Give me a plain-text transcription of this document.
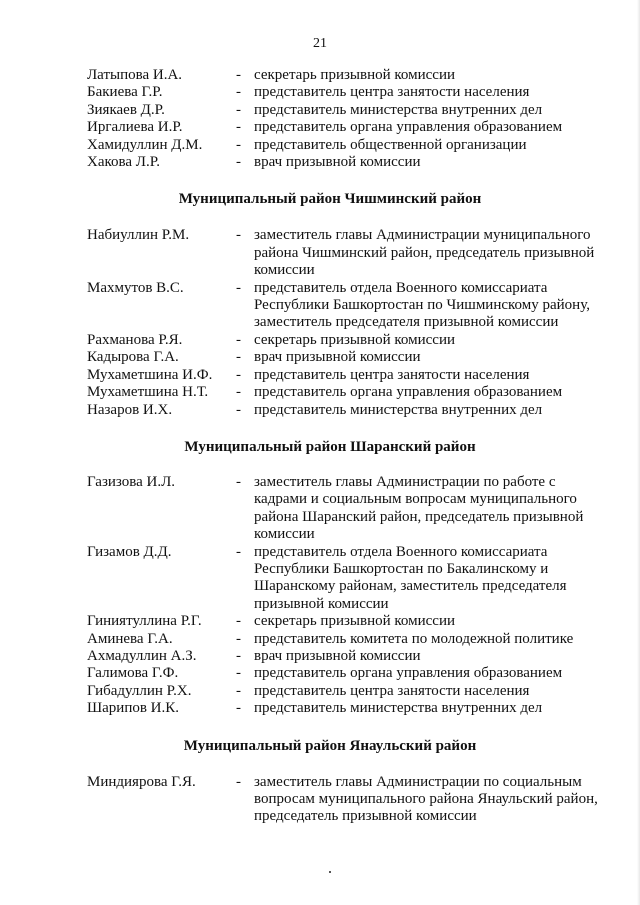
21
Латыпова И.А.	- секретарь призывной комиссии
Бакиева Г.Р.	- представитель центра занятости населения
Зиякаев Д.Р.	- представитель министерства внутренних дел
Иргалиева И.Р.	- представитель органа управления образованием
Хамидуллин Д.М. - представитель общественной организации
Хакова Л.Р.	- врач призывной комиссии
Муниципальный район Чишминский район
Набиуллин Р.М.	- заместитель главы Администрации муниципального района Чишминский район, председатель призывной комиссии
Махмутов В.С.	- представитель отдела Военного комиссариата Республики Башкортостан по Чишминскому району, заместитель председателя призывной комиссии
Рахманова Р.Я.	- секретарь призывной комиссии
Кадырова Г.А.	- врач призывной комиссии
Мухаметшина И.Ф. - представитель центра занятости населения
Мухаметшина Н.Т. - представитель органа управления образованием
Назаров И.Х.	- представитель министерства внутренних дел
Муниципальный район Шаранский район
Газизова И.Л.	- заместитель главы Администрации по работе с кадрами и социальным вопросам муниципального района Шаранский район, председатель призывной комиссии
Гизамов Д.Д.	- представитель отдела Военного комиссариата Республики Башкортостан по Бакалинскому и Шаранскому районам, заместитель председателя призывной комиссии
Гиниятуллина Р.Г. - секретарь призывной комиссии
Аминева Г.А.	- представитель комитета по молодежной политике
Ахмадуллин А.З.	- врач призывной комиссии
Галимова Г.Ф.	- представитель органа управления образованием
Гибадуллин Р.Х.	- представитель центра занятости населения
Шарипов И.К.	- представитель министерства внутренних дел
Муниципальный район Янаульский район
Миндиярова Г.Я.	- заместитель главы Администрации по социальным вопросам муниципального района Янаульский район, председатель призывной комиссии
